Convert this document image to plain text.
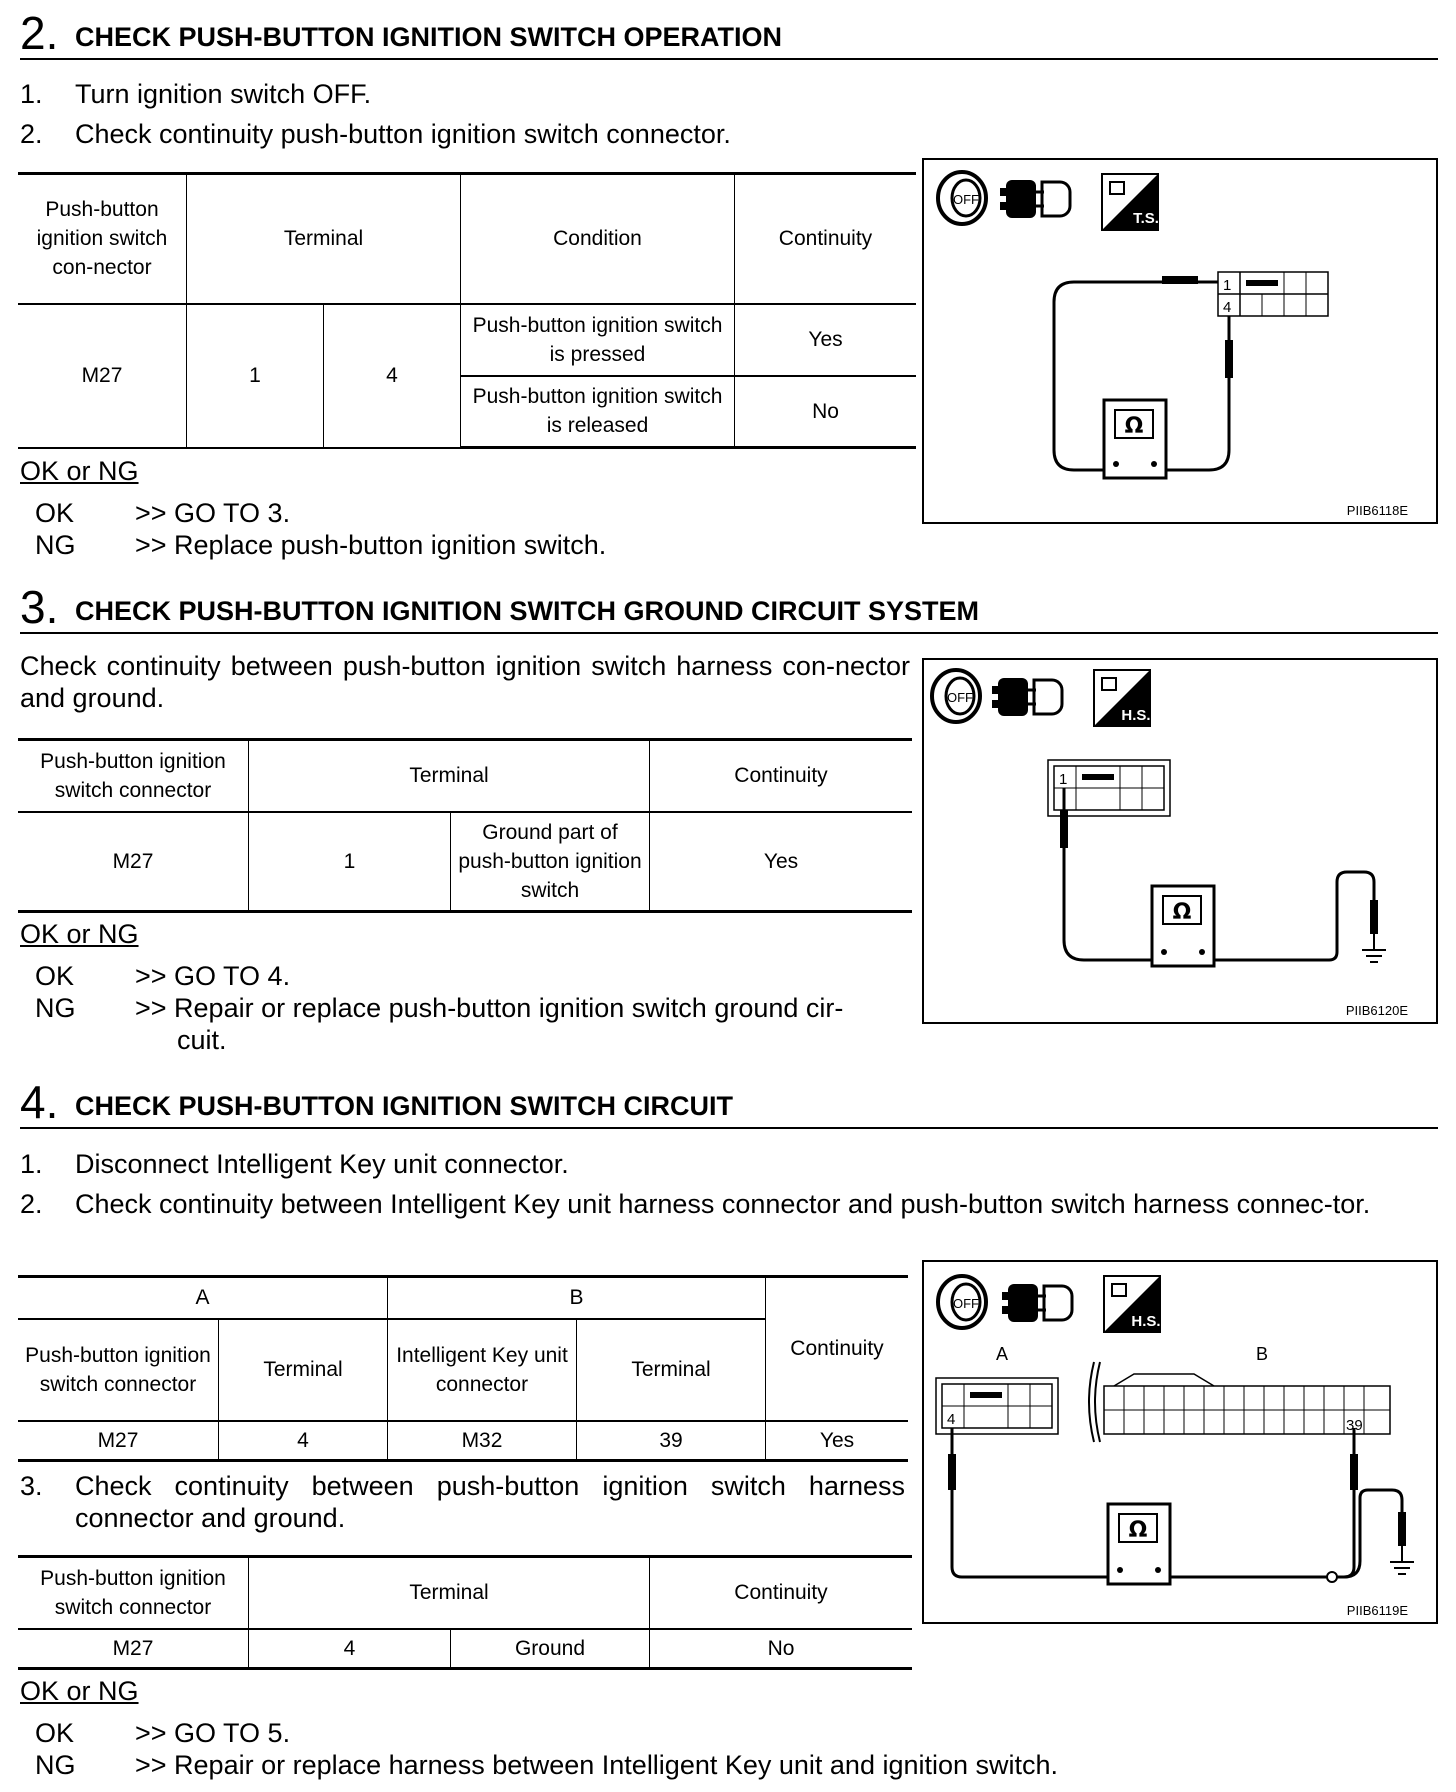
2. CHECK PUSH-BUTTON IGNITION SWITCH OPERATION
1. Turn ignition switch OFF.
2. Check continuity push-button ignition switch connector.
Push-button ignition switch con-nector	Terminal		Condition	Continuity
M27	1	4	Push-button ignition switch is pressed	Yes
			Push-button ignition switch is released	No
OK or NG
OK >> GO TO 3.
NG >> Replace push-button ignition switch.
OFF
T.S.
1
4
Ω
PIIB6118E
3. CHECK PUSH-BUTTON IGNITION SWITCH GROUND CIRCUIT SYSTEM
Check continuity between push-button ignition switch harness con-nector and ground.
Push-button ignition switch connector	Terminal		Continuity
M27	1	Ground part of push-button ignition switch	Yes
OK or NG
OK >> GO TO 4.
NG >> Repair or replace push-button ignition switch ground cir-
cuit.
OFF
H.S.
1
Ω
PIIB6120E
4. CHECK PUSH-BUTTON IGNITION SWITCH CIRCUIT
1. Disconnect Intelligent Key unit connector.
2. Check continuity between Intelligent Key unit harness connector and push-button switch harness connec-tor.
A		B		Continuity
Push-button ignition switch connector	Terminal	Intelligent Key unit connector	Terminal	
M27	4	M32	39	Yes
3. Check continuity between push-button ignition switch harness connector and ground.
Push-button ignition switch connector	Terminal		Continuity
M27	4	Ground	No
OK or NG
OK >> GO TO 5.
NG >> Repair or replace harness between Intelligent Key unit and ignition switch.
OFF
H.S.
A	B
4	39
Ω
PIIB6119E
